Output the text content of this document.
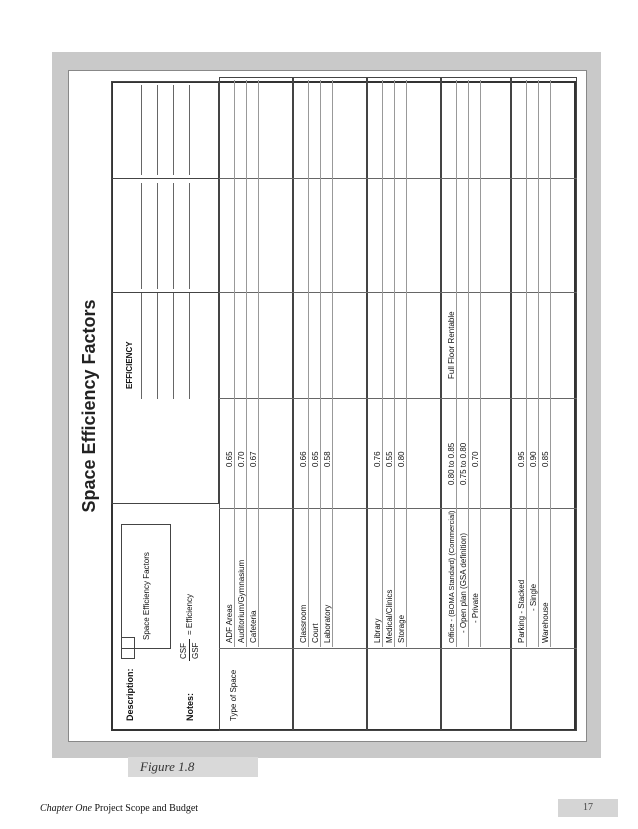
Space Efficiency Factors
Description:
Space Efficiency Factors
Notes:
CSF GSF
= Efficiency
Type of Space
EFFICIENCY
ADF Areas Auditorium/Gymnasium Cafeteria
0.65 0.70 0.67
Classroom Court Laboratory
0.66 0.65 0.58
Library Medical/Clinics Storage
0.76 0.55 0.80
Office - (BOMA Standard) (Commercial) - Open plan (GSA definition) - Private
0.80 to 0.85 0.75 to 0.80 0.70
Full Floor Rentable
Parking - Stacked - Single
Warehouse
0.95 0.90 0.85
Figure 1.8
Chapter One Project Scope and Budget	17
